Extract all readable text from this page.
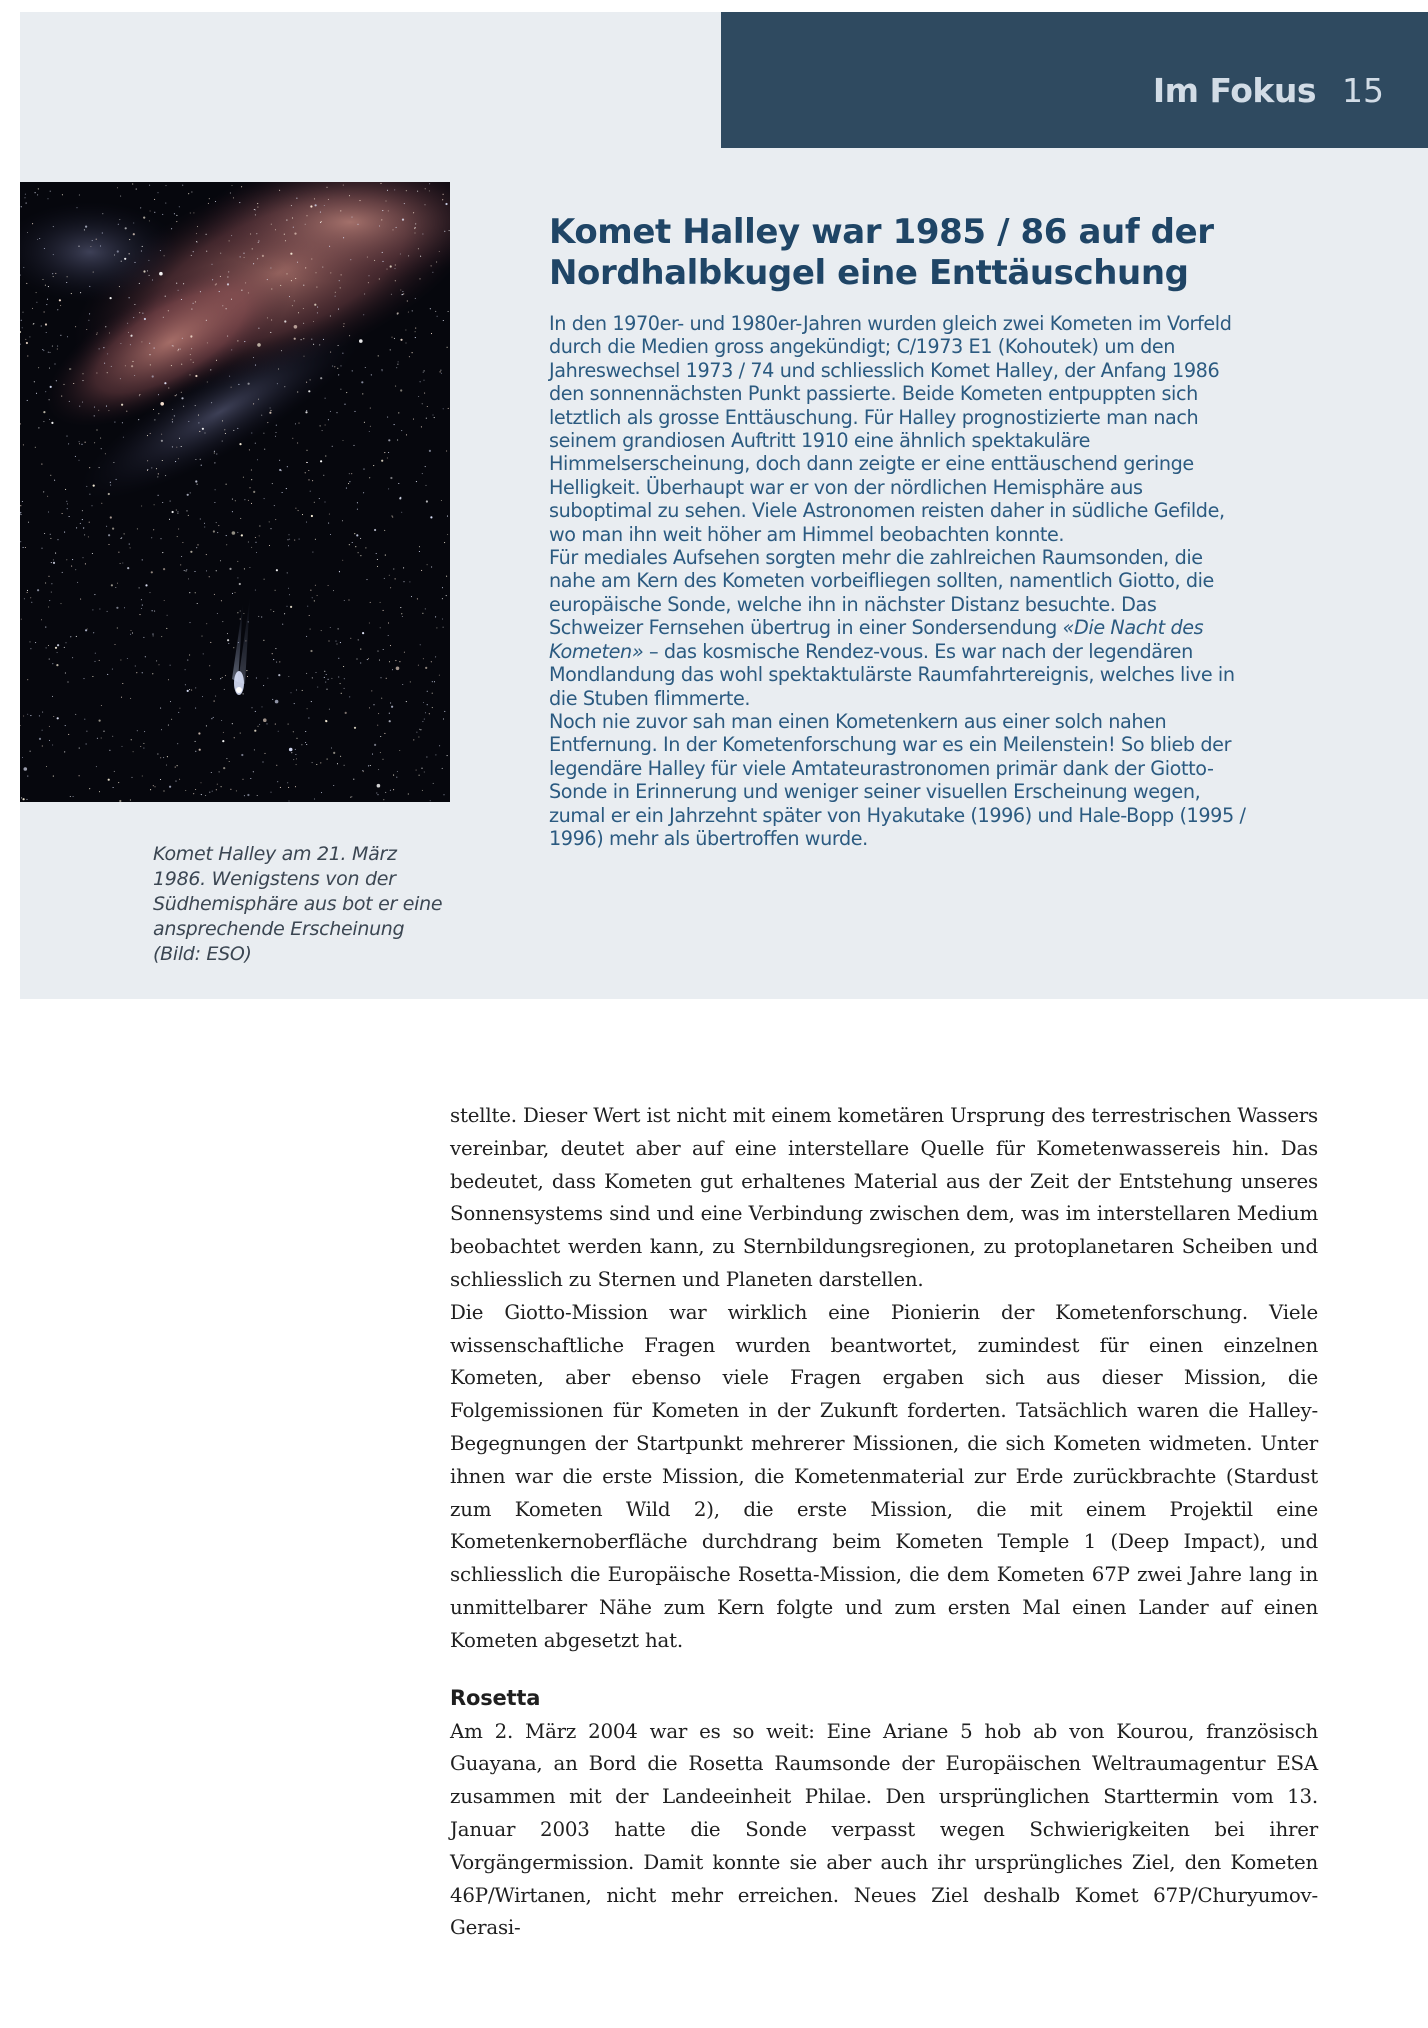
Im Fokus 15
Komet Halley am 21. März 1986. Wenigstens von der Südhemisphäre aus bot er eine ansprechende Erscheinung (Bild: ESO)
Komet Halley war 1985 / 86 auf der Nordhalbkugel eine Enttäuschung

In den 1970er- und 1980er-Jahren wurden gleich zwei Kometen im Vorfeld durch die Medien gross angekündigt; C/1973 E1 (Kohoutek) um den Jahreswechsel 1973 / 74 und schliesslich Komet Halley, der Anfang 1986 den sonnennächsten Punkt passierte. Beide Kometen entpuppten sich letztlich als grosse Enttäuschung. Für Halley prognostizierte man nach seinem grandiosen Auftritt 1910 eine ähnlich spektakuläre Himmelserscheinung, doch dann zeigte er eine enttäuschend geringe Helligkeit. Überhaupt war er von der nördlichen Hemisphäre aus suboptimal zu sehen. Viele Astronomen reisten daher in südliche Gefilde, wo man ihn weit höher am Himmel beobachten konnte.

Für mediales Aufsehen sorgten mehr die zahlreichen Raumsonden, die nahe am Kern des Kometen vorbeifliegen sollten, namentlich Giotto, die europäische Sonde, welche ihn in nächster Distanz besuchte. Das Schweizer Fernsehen übertrug in einer Sondersendung «Die Nacht des Kometen» – das kosmische Rendez-vous. Es war nach der legendären Mondlandung das wohl spektaktulärste Raumfahrtereignis, welches live in die Stuben flimmerte.

Noch nie zuvor sah man einen Kometenkern aus einer solch nahen Entfernung. In der Kometenforschung war es ein Meilenstein! So blieb der legendäre Halley für viele Amtateurastronomen primär dank der Giotto-Sonde in Erinnerung und weniger seiner visuellen Erscheinung wegen, zumal er ein Jahrzehnt später von Hyakutake (1996) und Hale-Bopp (1995 / 1996) mehr als übertroffen wurde.

stellte. Dieser Wert ist nicht mit einem kometären Ursprung des terrestrischen Wassers vereinbar, deutet aber auf eine interstellare Quelle für Kometenwassereis hin. Das bedeutet, dass Kometen gut erhaltenes Material aus der Zeit der Entstehung unseres Sonnensystems sind und eine Verbindung zwischen dem, was im interstellaren Medium beobachtet werden kann, zu Sternbildungsregionen, zu protoplanetaren Scheiben und schliesslich zu Sternen und Planeten darstellen.

Die Giotto-Mission war wirklich eine Pionierin der Kometenforschung. Viele wissenschaftliche Fragen wurden beantwortet, zumindest für einen einzelnen Kometen, aber ebenso viele Fragen ergaben sich aus dieser Mission, die Folgemissionen für Kometen in der Zukunft forderten. Tatsächlich waren die Halley-Begegnungen der Startpunkt mehrerer Missionen, die sich Kometen widmeten. Unter ihnen war die erste Mission, die Kometenmaterial zur Erde zurückbrachte (Stardust zum Kometen Wild 2), die erste Mission, die mit einem Projektil eine Kometenkernoberfläche durchdrang beim Kometen Temple 1 (Deep Impact), und schliesslich die Europäische Rosetta-Mission, die dem Kometen 67P zwei Jahre lang in unmittelbarer Nähe zum Kern folgte und zum ersten Mal einen Lander auf einen Kometen abgesetzt hat.

Rosetta

Am 2. März 2004 war es so weit: Eine Ariane 5 hob ab von Kourou, französisch Guayana, an Bord die Rosetta Raumsonde der Europäischen Weltraumagentur ESA zusammen mit der Landeeinheit Philae. Den ursprünglichen Starttermin vom 13. Januar 2003 hatte die Sonde verpasst wegen Schwierigkeiten bei ihrer Vorgängermission. Damit konnte sie aber auch ihr ursprüngliches Ziel, den Kometen 46P/Wirtanen, nicht mehr erreichen. Neues Ziel deshalb Komet 67P/Churyumov-Gerasi-
